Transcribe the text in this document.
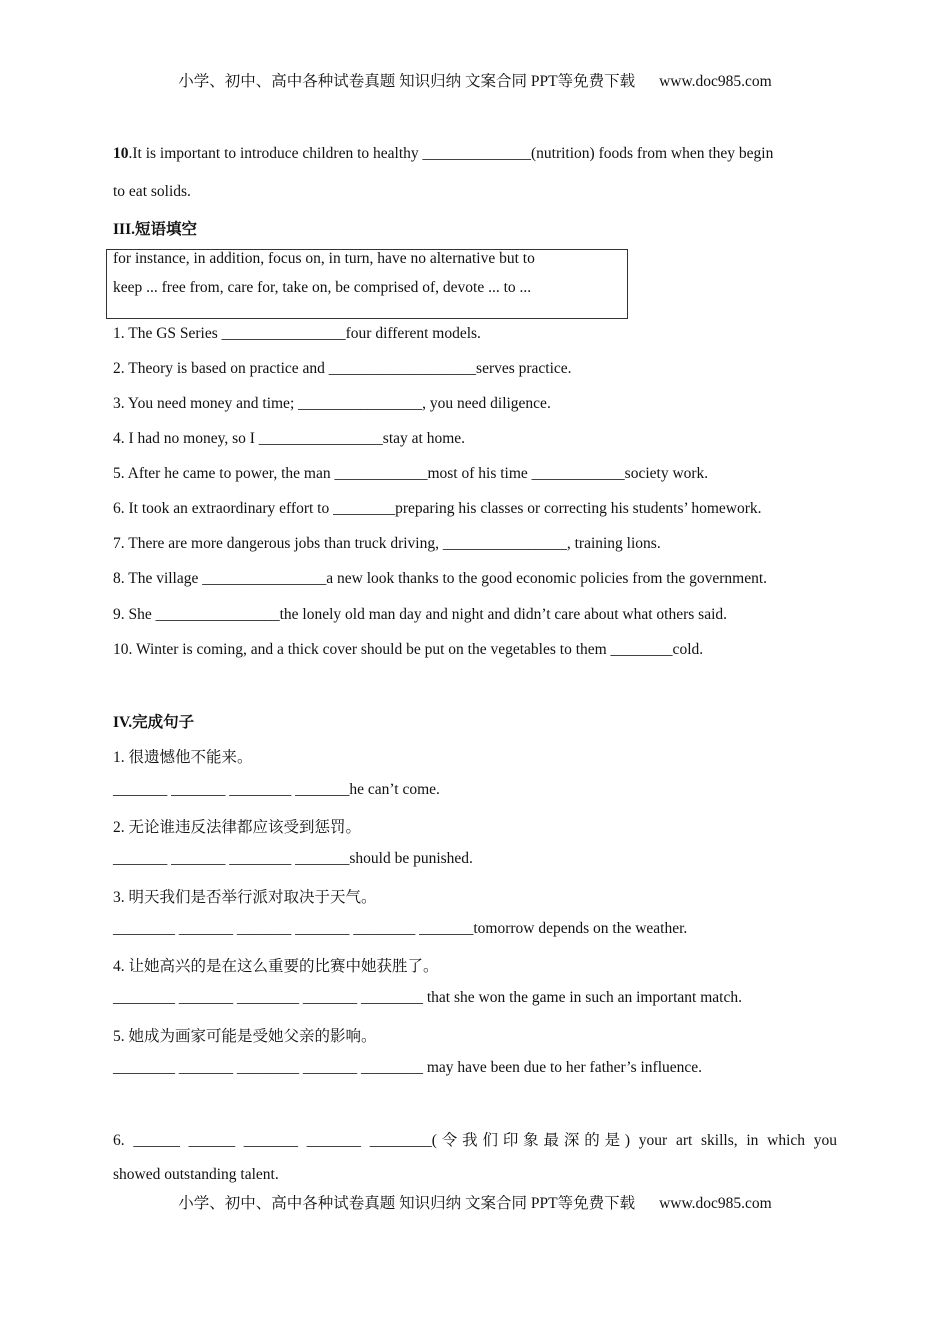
小学、初中、高中各种试卷真题 知识归纳 文案合同 PPT等免费下载 www.doc985.com
10.It is important to introduce children to healthy ______________(nutrition) foods from when they begin
to eat solids.
III.短语填空
for instance, in addition, focus on, in turn, have no alternative but to
keep ... free from, care for, take on, be comprised of, devote ... to ...
1. The GS Series ________________four different models.
2. Theory is based on practice and ___________________serves practice.
3. You need money and time; ________________, you need diligence.
4. I had no money, so I ________________stay at home.
5. After he came to power, the man ____________most of his time ____________society work.
6. It took an extraordinary effort to ________preparing his classes or correcting his students’ homework.
7. There are more dangerous jobs than truck driving, ________________, training lions.
8. The village ________________a new look thanks to the good economic policies from the government.
9. She ________________the lonely old man day and night and didn’t care about what others said.
10. Winter is coming, and a thick cover should be put on the vegetables to them ________cold.
IV.完成句子
1. 很遗憾他不能来。
_______ _______ ________ _______he can’t come.
2. 无论谁违反法律都应该受到惩罚。
_______ _______ ________ _______should be punished.
3. 明天我们是否举行派对取决于天气。
________ _______ _______ _______ ________ _______tomorrow depends on the weather.
4. 让她高兴的是在这么重要的比赛中她获胜了。
________ _______ ________ _______ ________ that she won the game in such an important match.
5. 她成为画家可能是受她父亲的影响。
________ _______ ________ _______ ________ may have been due to her father’s influence.
6. ______ ______ _______ _______ ________(令我们印象最深的是) your art skills, in which you
showed outstanding talent.
小学、初中、高中各种试卷真题 知识归纳 文案合同 PPT等免费下载 www.doc985.com
